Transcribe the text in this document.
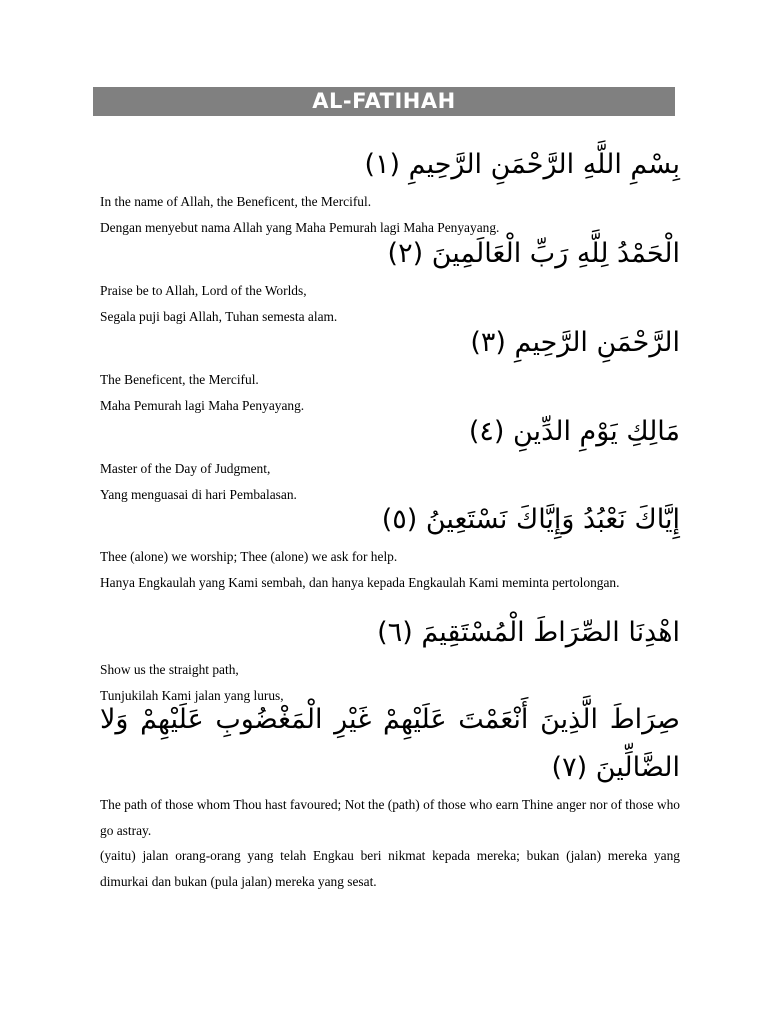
AL-FATIHAH
بِسْمِ اللَّهِ الرَّحْمَنِ الرَّحِيمِ (١)
In the name of Allah, the Beneficent, the Merciful.
Dengan menyebut nama Allah yang Maha Pemurah lagi Maha Penyayang.
الْحَمْدُ لِلَّهِ رَبِّ الْعَالَمِينَ (٢)
Praise be to Allah, Lord of the Worlds,
Segala puji bagi Allah, Tuhan semesta alam.
الرَّحْمَنِ الرَّحِيمِ (٣)
The Beneficent, the Merciful.
Maha Pemurah lagi Maha Penyayang.
مَالِكِ يَوْمِ الدِّينِ (٤)
Master of the Day of Judgment,
Yang menguasai di hari Pembalasan.
إِيَّاكَ نَعْبُدُ وَإِيَّاكَ نَسْتَعِينُ (٥)
Thee (alone) we worship; Thee (alone) we ask for help.
Hanya Engkaulah yang Kami sembah, dan hanya kepada Engkaulah Kami meminta pertolongan.
اهْدِنَا الصِّرَاطَ الْمُسْتَقِيمَ (٦)
Show us the straight path,
Tunjukilah Kami jalan yang lurus,
صِرَاطَ الَّذِينَ أَنْعَمْتَ عَلَيْهِمْ غَيْرِ الْمَغْضُوبِ عَلَيْهِمْ وَلا الضَّالِّينَ (٧)
The path of those whom Thou hast favoured; Not the (path) of those who earn Thine anger nor of those who go astray.
(yaitu) jalan orang-orang yang telah Engkau beri nikmat kepada mereka; bukan (jalan) mereka yang dimurkai dan bukan (pula jalan) mereka yang sesat.
